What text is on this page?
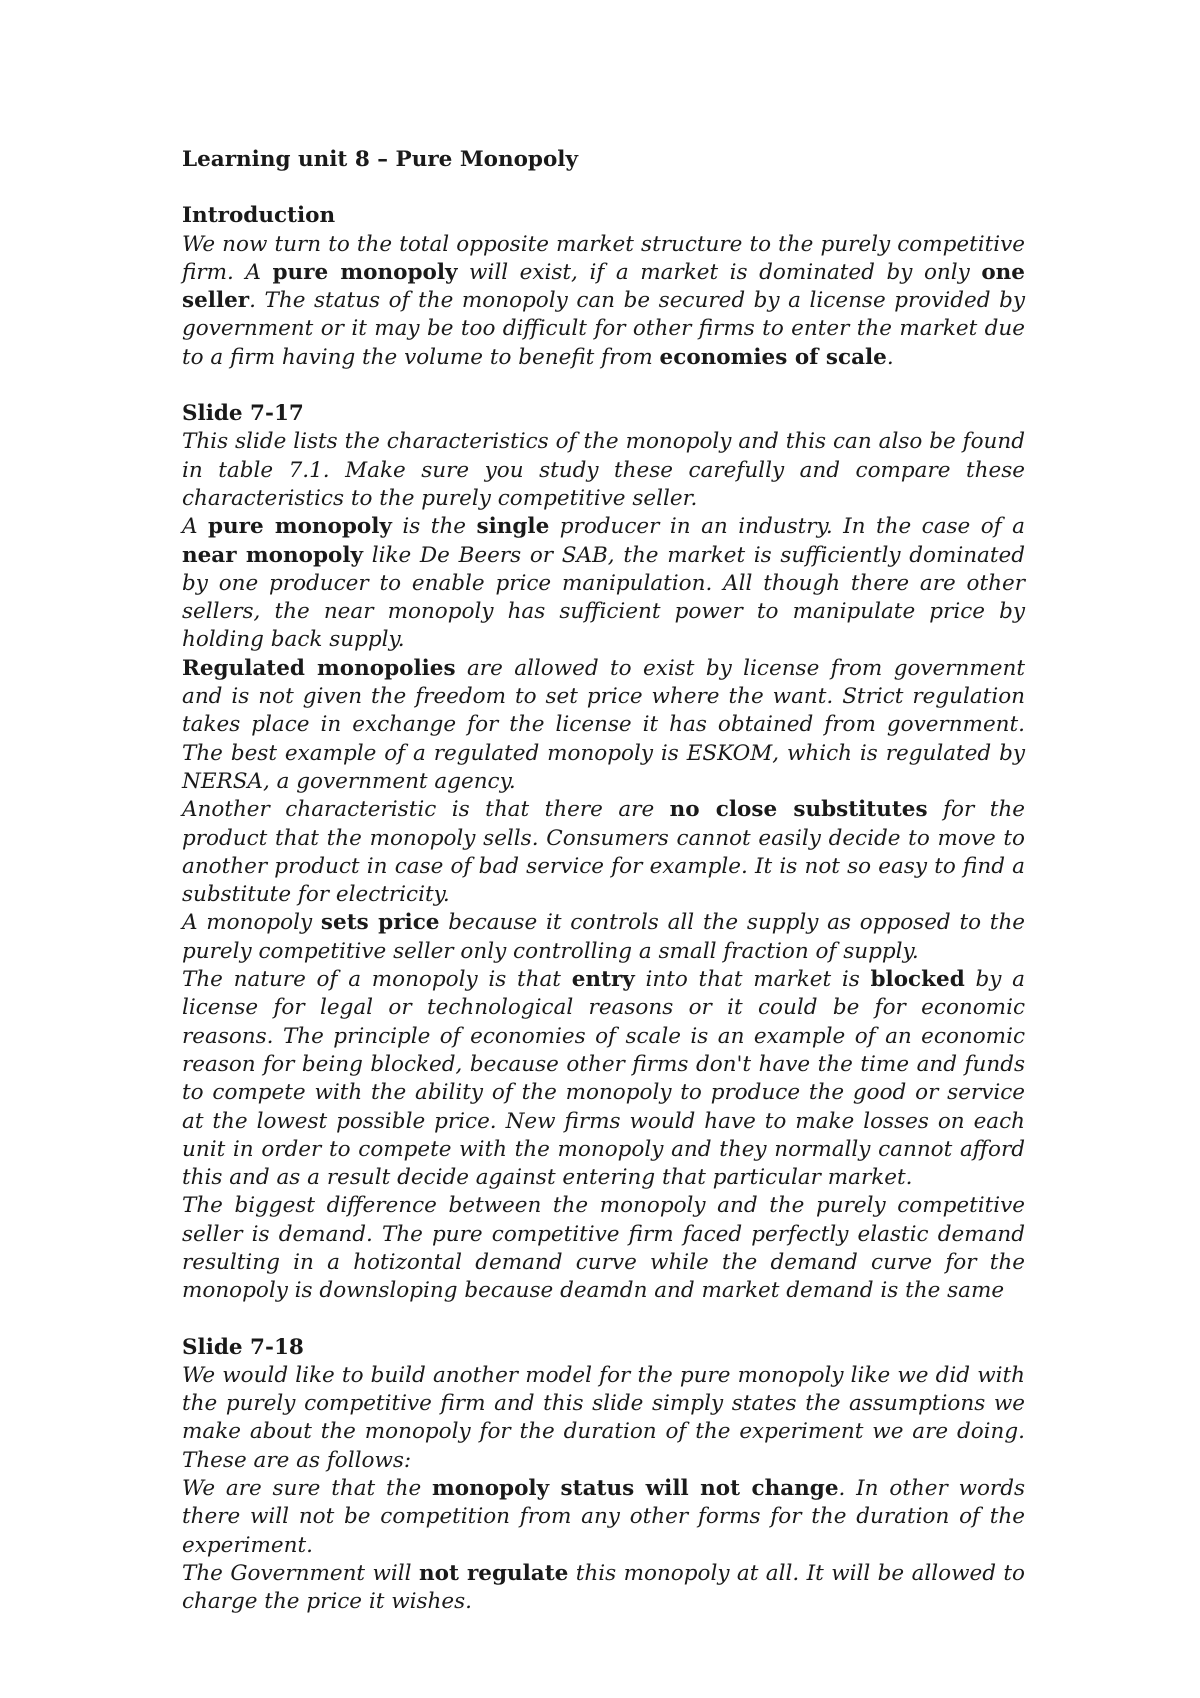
Learning unit 8 – Pure Monopoly

Introduction

We now turn to the total opposite market structure to the purely competitive firm. A pure monopoly will exist, if a market is dominated by only one seller. The status of the monopoly can be secured by a license provided by government or it may be too difficult for other firms to enter the market due to a firm having the volume to benefit from economies of scale.

Slide 7-17

This slide lists the characteristics of the monopoly and this can also be found in table 7.1. Make sure you study these carefully and compare these characteristics to the purely competitive seller.

A pure monopoly is the single producer in an industry. In the case of a near monopoly like De Beers or SAB, the market is sufficiently dominated by one producer to enable price manipulation. All though there are other sellers, the near monopoly has sufficient power to manipulate price by holding back supply.

Regulated monopolies are allowed to exist by license from government and is not given the freedom to set price where the want. Strict regulation takes place in exchange for the license it has obtained from government. The best example of a regulated monopoly is ESKOM, which is regulated by NERSA, a government agency.

Another characteristic is that there are no close substitutes for the product that the monopoly sells. Consumers cannot easily decide to move to another product in case of bad service for example. It is not so easy to find a substitute for electricity.

A monopoly sets price because it controls all the supply as opposed to the purely competitive seller only controlling a small fraction of supply.

The nature of a monopoly is that entry into that market is blocked by a license for legal or technological reasons or it could be for economic reasons. The principle of economies of scale is an example of an economic reason for being blocked, because other firms don't have the time and funds to compete with the ability of the monopoly to produce the good or service at the lowest possible price. New firms would have to make losses on each unit in order to compete with the monopoly and they normally cannot afford this and as a result decide against entering that particular market.

The biggest difference between the monopoly and the purely competitive seller is demand. The pure competitive firm faced perfectly elastic demand resulting in a hotizontal demand curve while the demand curve for the monopoly is downsloping because deamdn and market demand is the same

Slide 7-18

We would like to build another model for the pure monopoly like we did with the purely competitive firm and this slide simply states the assumptions we make about the monopoly for the duration of the experiment we are doing. These are as follows:

We are sure that the monopoly status will not change. In other words there will not be competition from any other forms for the duration of the experiment.

The Government will not regulate this monopoly at all. It will be allowed to charge the price it wishes.
